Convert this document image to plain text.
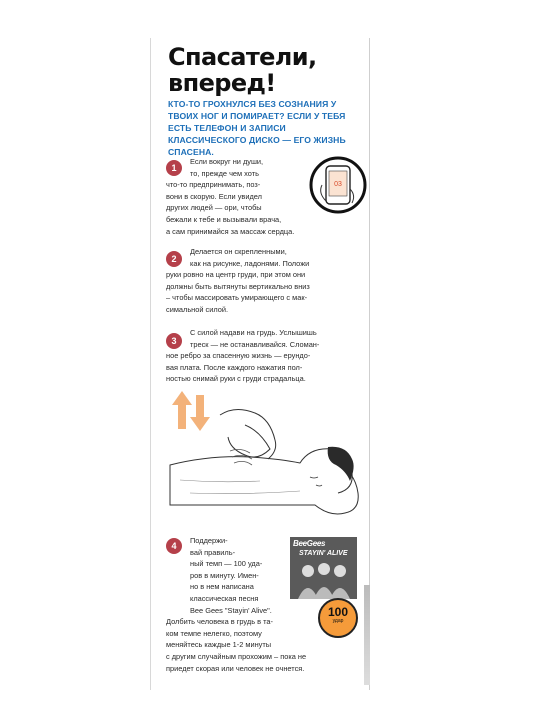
Спасатели,
вперед!
КТО-ТО ГРОХНУЛСЯ БЕЗ СОЗНАНИЯ У ТВОИХ НОГ И ПОМИРАЕТ? ЕСЛИ У ТЕБЯ ЕСТЬ ТЕЛЕФОН И ЗАПИСИ КЛАССИЧЕСКОГО ДИСКО — ЕГО ЖИЗНЬ СПАСЕНА.
1
Если вокруг ни души,
то, прежде чем хоть
что-то предпринимать, поз-
вони в скорую. Если увидел
других людей — ори, чтобы
бежали к тебе и вызывали врача,
а сам принимайся за массаж сердца.
03
2
Делается он скрепленными,
как на рисунке, ладонями. Положи
руки ровно на центр груди, при этом они
должны быть вытянуты вертикально вниз
– чтобы массировать умирающего с мак-
симальной силой.
3
С силой надави на грудь. Услышишь
треск — не останавливайся. Сломан-
ное ребро за спасенную жизнь — ерундо-
вая плата. После каждого нажатия пол-
ностью снимай руки с груди страдальца.
4
Поддержи-
вай правиль-
ный темп — 100 уда-
ров в минуту. Имен-
но в нем написана
классическая песня
Bee Gees "Stayin' Alive".
Долбить человека в грудь в та-
ком темпе нелегко, поэтому
меняйтесь каждые 1-2 минуты
с другим случайным прохожим – пока не
приедет скорая или человек не очнется.
BeeGees
STAYIN' ALIVE
100
удар
